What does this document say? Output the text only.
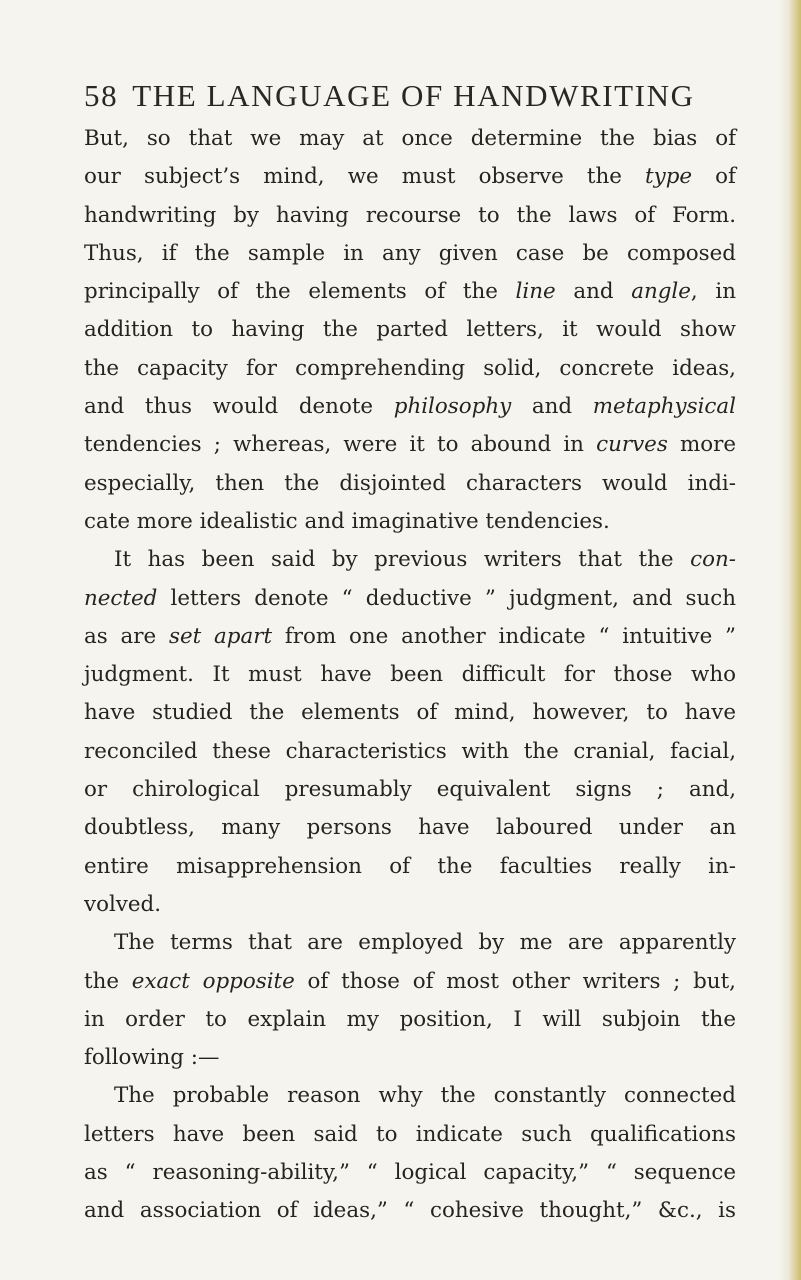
58 THE LANGUAGE OF HANDWRITING
But, so that we may at once determine the bias of
our subject’s mind, we must observe the type of
handwriting by having recourse to the laws of Form.
Thus, if the sample in any given case be composed
principally of the elements of the line and angle, in
addition to having the parted letters, it would show
the capacity for comprehending solid, concrete ideas,
and thus would denote philosophy and metaphysical
tendencies ; whereas, were it to abound in curves more
especially, then the disjointed characters would indi-
cate more idealistic and imaginative tendencies.
It has been said by previous writers that the con-
nected letters denote “ deductive ” judgment, and such
as are set apart from one another indicate “ intuitive ”
judgment. It must have been difficult for those who
have studied the elements of mind, however, to have
reconciled these characteristics with the cranial, facial,
or chirological presumably equivalent signs ; and,
doubtless, many persons have laboured under an
entire misapprehension of the faculties really in-
volved.
The terms that are employed by me are apparently
the exact opposite of those of most other writers ; but,
in order to explain my position, I will subjoin the
following :—
The probable reason why the constantly connected
letters have been said to indicate such qualifications
as “ reasoning-ability,” “ logical capacity,” “ sequence
and association of ideas,” “ cohesive thought,” &c., is
